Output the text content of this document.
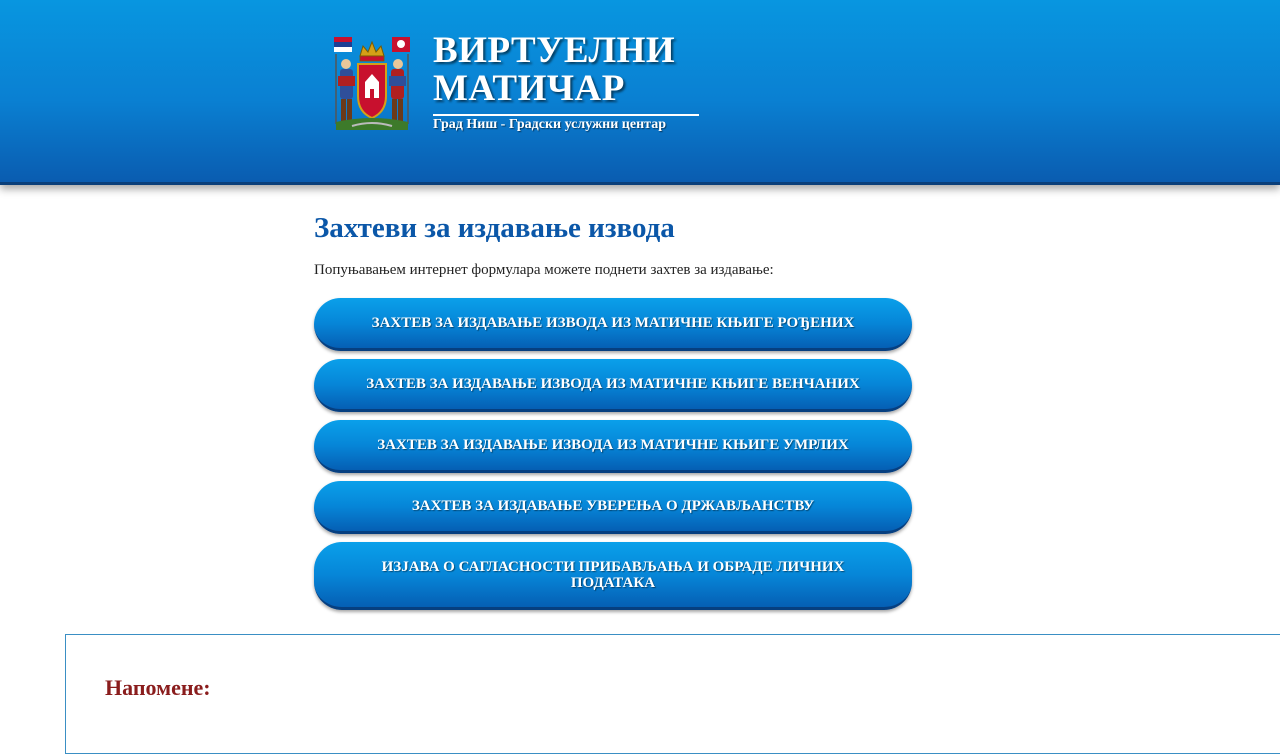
ВИРТУЕЛНИ
МАТИЧАР
Град Ниш - Градски услужни центар
Захтеви за издавање извода

Попуњавањем интернет формулара можете поднети захтев за издавање:

ЗАХТЕВ ЗА ИЗДАВАЊЕ ИЗВОДА ИЗ МАТИЧНЕ КЊИГЕ РОЂЕНИХ
ЗАХТЕВ ЗА ИЗДАВАЊЕ ИЗВОДА ИЗ МАТИЧНЕ КЊИГЕ ВЕНЧАНИХ
ЗАХТЕВ ЗА ИЗДАВАЊЕ ИЗВОДА ИЗ МАТИЧНЕ КЊИГЕ УМРЛИХ
ЗАХТЕВ ЗА ИЗДАВАЊЕ УВЕРЕЊА О ДРЖАВЉАНСТВУ
ИЗЈАВА О САГЛАСНОСТИ ПРИБАВЉАЊА И ОБРАДЕ ЛИЧНИХ ПОДАТАКА
Напомене:
